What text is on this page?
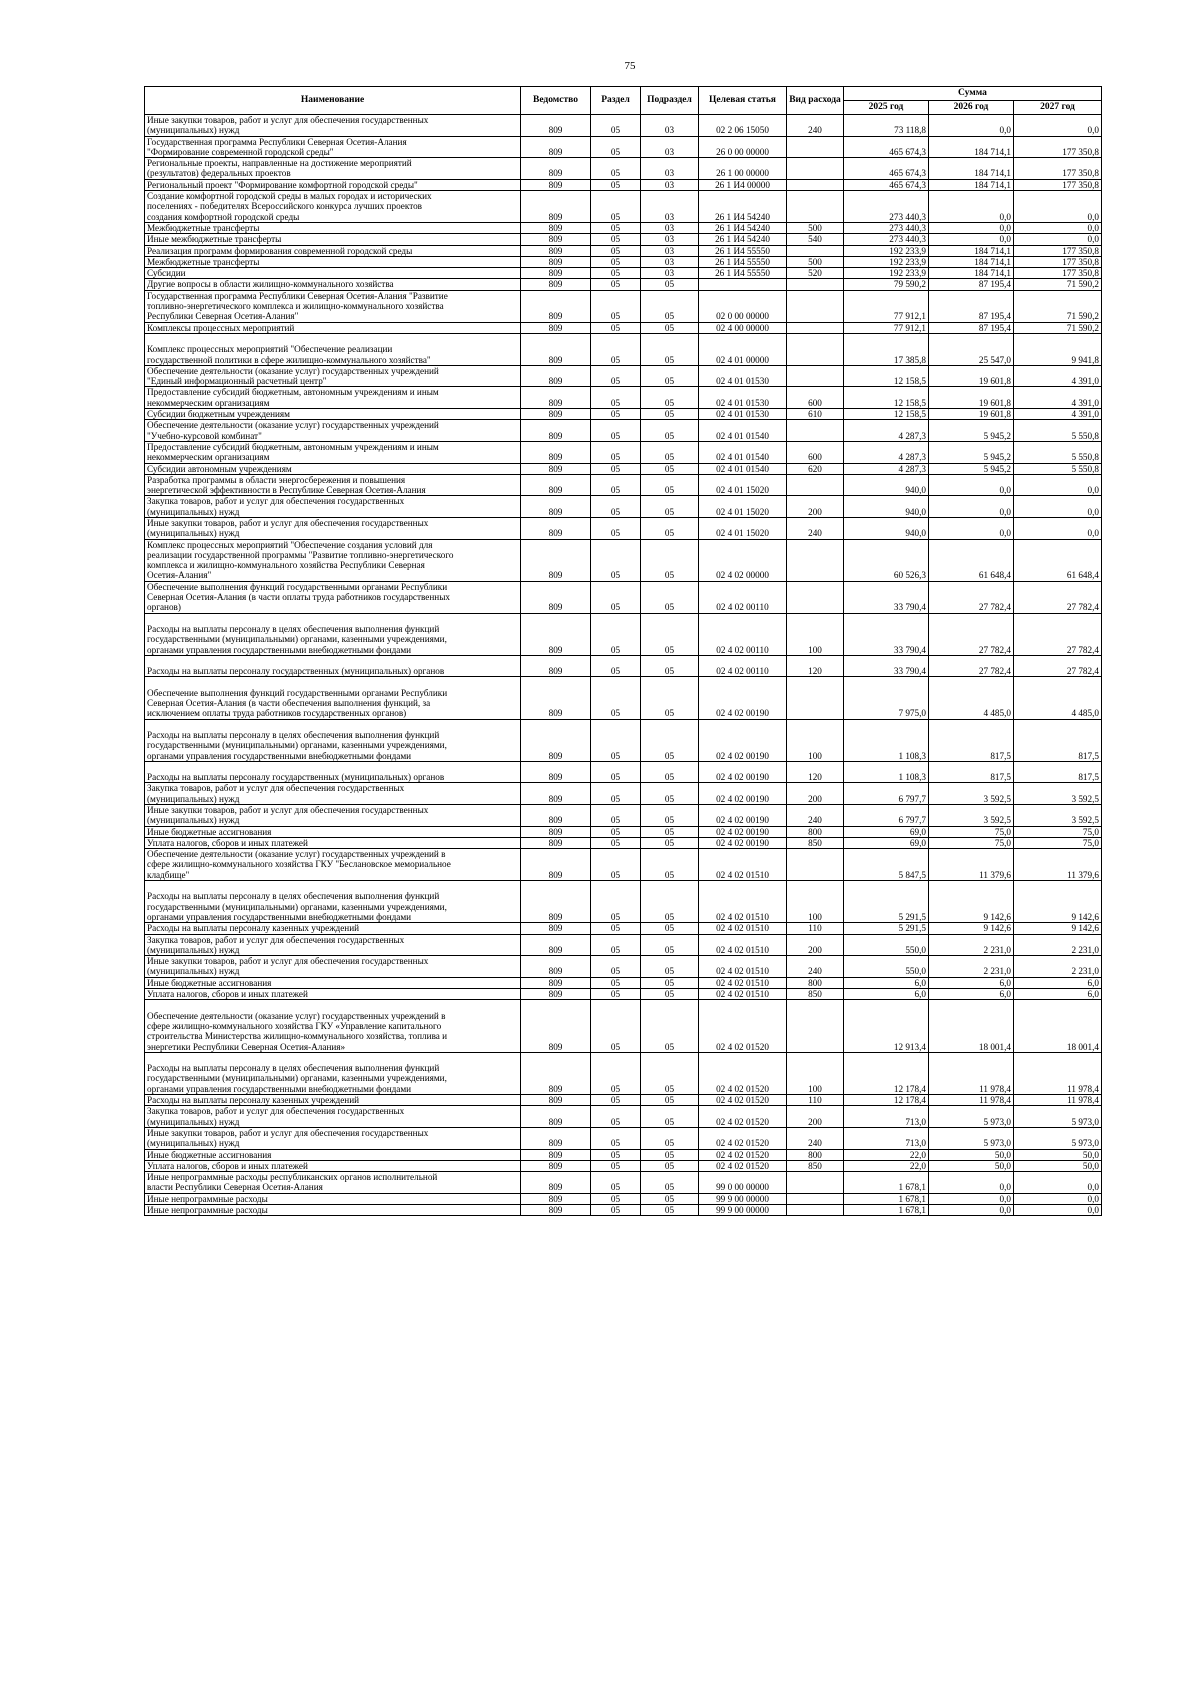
75
Наименование	Ведомство	Раздел	Подраздел	Целевая статья	Вид расхода	Сумма		
						2025 год	2026 год	2027 год
Иные закупки товаров, работ и услуг для обеспечения государственных
(муниципальных) нужд	809	05	03	02 2 06 15050	240	73 118,8	0,0	0,0
Государственная программа Республики Северная Осетия-Алания
"Формирование современной городской среды"	809	05	03	26 0 00 00000		465 674,3	184 714,1	177 350,8
Региональные проекты, направленные на достижение мероприятий
(результатов) федеральных проектов	809	05	03	26 1 00 00000		465 674,3	184 714,1	177 350,8
Региональный проект "Формирование комфортной городской среды"	809	05	03	26 1 И4 00000		465 674,3	184 714,1	177 350,8
Создание комфортной городской среды в малых городах и исторических
поселениях - победителях Всероссийского конкурса лучших проектов
создания комфортной городской среды	809	05	03	26 1 И4 54240		273 440,3	0,0	0,0
Межбюджетные трансферты	809	05	03	26 1 И4 54240	500	273 440,3	0,0	0,0
Иные межбюджетные трансферты	809	05	03	26 1 И4 54240	540	273 440,3	0,0	0,0
Реализация программ формирования современной городской среды	809	05	03	26 1 И4 55550		192 233,9	184 714,1	177 350,8
Межбюджетные трансферты	809	05	03	26 1 И4 55550	500	192 233,9	184 714,1	177 350,8
Субсидии	809	05	03	26 1 И4 55550	520	192 233,9	184 714,1	177 350,8
Другие вопросы в области жилищно-коммунального хозяйства	809	05	05			79 590,2	87 195,4	71 590,2
Государственная программа Республики Северная Осетия-Алания "Развитие
топливно-энергетического комплекса и жилищно-коммунального хозяйства
Республики Северная Осетия-Алания"	809	05	05	02 0 00 00000		77 912,1	87 195,4	71 590,2
Комплексы процессных мероприятий	809	05	05	02 4 00 00000		77 912,1	87 195,4	71 590,2

Комплекс процессных мероприятий "Обеспечение реализации
государственной политики в сфере жилищно-коммунального хозяйства"	809	05	05	02 4 01 00000		17 385,8	25 547,0	9 941,8
Обеспечение деятельности (оказание услуг) государственных учреждений
"Единый информационный расчетный центр"	809	05	05	02 4 01 01530		12 158,5	19 601,8	4 391,0
Предоставление субсидий бюджетным, автономным учреждениям и иным
некоммерческим организациям	809	05	05	02 4 01 01530	600	12 158,5	19 601,8	4 391,0
Субсидии бюджетным учреждениям	809	05	05	02 4 01 01530	610	12 158,5	19 601,8	4 391,0
Обеспечение деятельности (оказание услуг) государственных учреждений
"Учебно-курсовой комбинат"	809	05	05	02 4 01 01540		4 287,3	5 945,2	5 550,8
Предоставление субсидий бюджетным, автономным учреждениям и иным
некоммерческим организациям	809	05	05	02 4 01 01540	600	4 287,3	5 945,2	5 550,8
Субсидии автономным учреждениям	809	05	05	02 4 01 01540	620	4 287,3	5 945,2	5 550,8
Разработка программы в области энергосбережения и повышения
энергетической эффективности в Республике Северная Осетия-Алания	809	05	05	02 4 01 15020		940,0	0,0	0,0
Закупка товаров, работ и услуг для обеспечения государственных
(муниципальных) нужд	809	05	05	02 4 01 15020	200	940,0	0,0	0,0
Иные закупки товаров, работ и услуг для обеспечения государственных
(муниципальных) нужд	809	05	05	02 4 01 15020	240	940,0	0,0	0,0
Комплекс процессных мероприятий "Обеспечение создания условий для
реализации государственной программы "Развитие топливно-энергетического
комплекса и жилищно-коммунального хозяйства Республики Северная
Осетия-Алания"	809	05	05	02 4 02 00000		60 526,3	61 648,4	61 648,4
Обеспечение выполнения функций государственными органами Республики
Северная Осетия-Алания (в части оплаты труда работников государственных
органов)	809	05	05	02 4 02 00110		33 790,4	27 782,4	27 782,4

Расходы на выплаты персоналу в целях обеспечения выполнения функций
государственными (муниципальными) органами, казенными учреждениями,
органами управления государственными внебюджетными фондами	809	05	05	02 4 02 00110	100	33 790,4	27 782,4	27 782,4

Расходы на выплаты персоналу государственных (муниципальных) органов	809	05	05	02 4 02 00110	120	33 790,4	27 782,4	27 782,4

Обеспечение выполнения функций государственными органами Республики
Северная Осетия-Алания (в части обеспечения выполнения функций, за
исключением оплаты труда работников государственных органов)	809	05	05	02 4 02 00190		7 975,0	4 485,0	4 485,0

Расходы на выплаты персоналу в целях обеспечения выполнения функций
государственными (муниципальными) органами, казенными учреждениями,
органами управления государственными внебюджетными фондами	809	05	05	02 4 02 00190	100	1 108,3	817,5	817,5

Расходы на выплаты персоналу государственных (муниципальных) органов	809	05	05	02 4 02 00190	120	1 108,3	817,5	817,5
Закупка товаров, работ и услуг для обеспечения государственных
(муниципальных) нужд	809	05	05	02 4 02 00190	200	6 797,7	3 592,5	3 592,5
Иные закупки товаров, работ и услуг для обеспечения государственных
(муниципальных) нужд	809	05	05	02 4 02 00190	240	6 797,7	3 592,5	3 592,5
Иные бюджетные ассигнования	809	05	05	02 4 02 00190	800	69,0	75,0	75,0
Уплата налогов, сборов и иных платежей	809	05	05	02 4 02 00190	850	69,0	75,0	75,0
Обеспечение деятельности (оказание услуг) государственных учреждений в
сфере жилищно-коммунального хозяйства ГКУ "Беслановское мемориальное
кладбище"	809	05	05	02 4 02 01510		5 847,5	11 379,6	11 379,6

Расходы на выплаты персоналу в целях обеспечения выполнения функций
государственными (муниципальными) органами, казенными учреждениями,
органами управления государственными внебюджетными фондами	809	05	05	02 4 02 01510	100	5 291,5	9 142,6	9 142,6
Расходы на выплаты персоналу казенных учреждений	809	05	05	02 4 02 01510	110	5 291,5	9 142,6	9 142,6
Закупка товаров, работ и услуг для обеспечения государственных
(муниципальных) нужд	809	05	05	02 4 02 01510	200	550,0	2 231,0	2 231,0
Иные закупки товаров, работ и услуг для обеспечения государственных
(муниципальных) нужд	809	05	05	02 4 02 01510	240	550,0	2 231,0	2 231,0
Иные бюджетные ассигнования	809	05	05	02 4 02 01510	800	6,0	6,0	6,0
Уплата налогов, сборов и иных платежей	809	05	05	02 4 02 01510	850	6,0	6,0	6,0

Обеспечение деятельности (оказание услуг) государственных учреждений в
сфере жилищно-коммунального хозяйства ГКУ «Управление капитального
строительства Министерства жилищно-коммунального хозяйства, топлива и
энергетики Республики Северная Осетия-Алания»	809	05	05	02 4 02 01520		12 913,4	18 001,4	18 001,4

Расходы на выплаты персоналу в целях обеспечения выполнения функций
государственными (муниципальными) органами, казенными учреждениями,
органами управления государственными внебюджетными фондами	809	05	05	02 4 02 01520	100	12 178,4	11 978,4	11 978,4
Расходы на выплаты персоналу казенных учреждений	809	05	05	02 4 02 01520	110	12 178,4	11 978,4	11 978,4
Закупка товаров, работ и услуг для обеспечения государственных
(муниципальных) нужд	809	05	05	02 4 02 01520	200	713,0	5 973,0	5 973,0
Иные закупки товаров, работ и услуг для обеспечения государственных
(муниципальных) нужд	809	05	05	02 4 02 01520	240	713,0	5 973,0	5 973,0
Иные бюджетные ассигнования	809	05	05	02 4 02 01520	800	22,0	50,0	50,0
Уплата налогов, сборов и иных платежей	809	05	05	02 4 02 01520	850	22,0	50,0	50,0
Иные непрограммные расходы республиканских органов исполнительной
власти Республики Северная Осетия-Алания	809	05	05	99 0 00 00000		1 678,1	0,0	0,0
Иные непрограммные расходы	809	05	05	99 9 00 00000		1 678,1	0,0	0,0
Иные непрограммные расходы	809	05	05	99 9 00 00000		1 678,1	0,0	0,0
